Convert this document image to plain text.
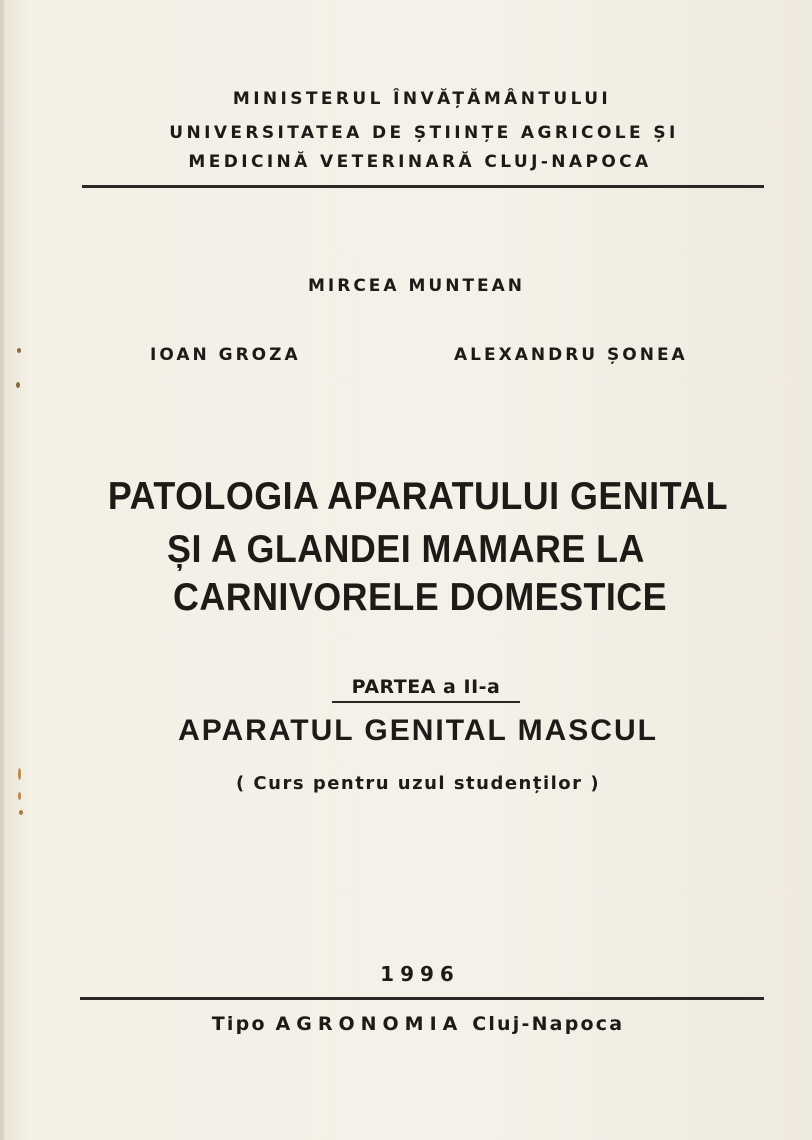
MINISTERUL ÎNVĂȚĂMÂNTULUI
UNIVERSITATEA DE ȘTIINȚE AGRICOLE ȘI
MEDICINĂ VETERINARĂ CLUJ-NAPOCA
MIRCEA MUNTEAN
IOAN GROZA	ALEXANDRU ȘONEA
PATOLOGIA APARATULUI GENITAL
ȘI A GLANDEI MAMARE LA
CARNIVORELE DOMESTICE
PARTEA a II-a
APARATUL GENITAL MASCUL
( Curs pentru uzul studenților )
1996
Tipo AGRONOMIA Cluj-Napoca
